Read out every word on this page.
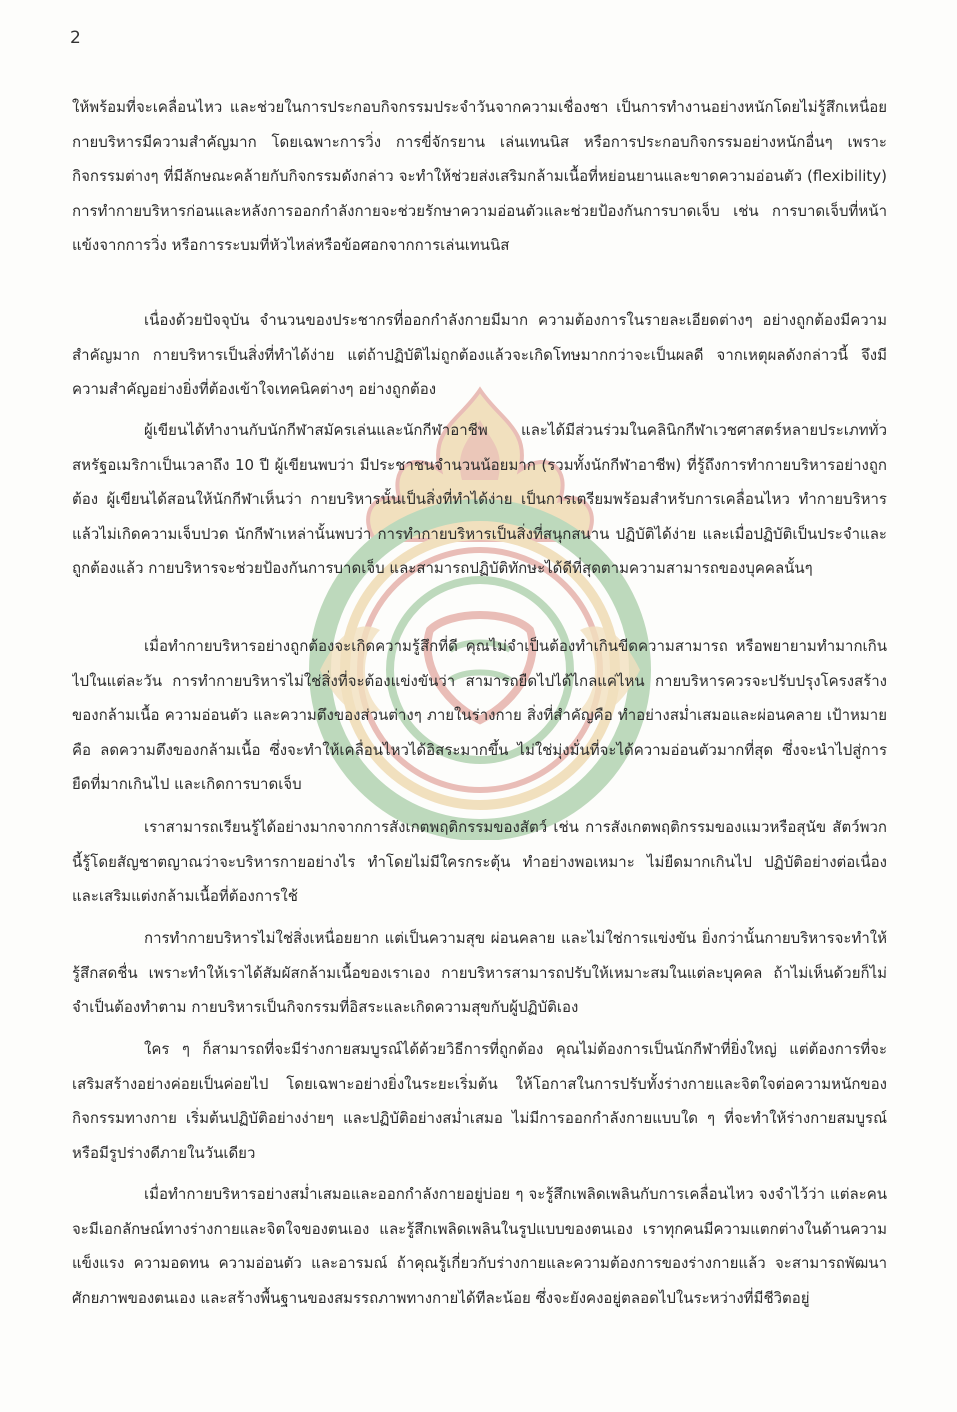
2

ให้พร้อมที่จะเคลื่อนไหว และช่วยในการประกอบกิจกรรมประจำวันจากความเชื่องชา เป็นการทำงานอย่างหนักโดยไม่รู้สึกเหนื่อย กายบริหารมีความสำคัญมาก โดยเฉพาะการวิ่ง การขี่จักรยาน เล่นเทนนิส หรือการประกอบกิจกรรมอย่างหนักอื่นๆ เพราะกิจกรรมต่างๆ ที่มีลักษณะคล้ายกับกิจกรรมดังกล่าว จะทำให้ช่วยส่งเสริมกล้ามเนื้อที่หย่อนยานและขาดความอ่อนตัว (flexibility) การทำกายบริหารก่อนและหลังการออกกำลังกายจะช่วยรักษาความอ่อนตัวและช่วยป้องกันการบาดเจ็บ เช่น การบาดเจ็บที่หน้าแข้งจากการวิ่ง หรือการระบมที่หัวไหล่หรือข้อศอกจากการเล่นเทนนิส

เนื่องด้วยปัจจุบัน จำนวนของประชากรที่ออกกำลังกายมีมาก ความต้องการในรายละเอียดต่างๆ อย่างถูกต้องมีความสำคัญมาก กายบริหารเป็นสิ่งที่ทำได้ง่าย แต่ถ้าปฏิบัติไม่ถูกต้องแล้วจะเกิดโทษมากกว่าจะเป็นผลดี จากเหตุผลดังกล่าวนี้ จึงมีความสำคัญอย่างยิ่งที่ต้องเข้าใจเทคนิคต่างๆ อย่างถูกต้อง

ผู้เขียนได้ทำงานกับนักกีฬาสมัครเล่นและนักกีฬาอาชีพ และได้มีส่วนร่วมในคลินิกกีฬาเวชศาสตร์หลายประเภททั่วสหรัฐอเมริกาเป็นเวลาถึง 10 ปี ผู้เขียนพบว่า มีประชาชนจำนวนน้อยมาก (รวมทั้งนักกีฬาอาชีพ) ที่รู้ถึงการทำกายบริหารอย่างถูกต้อง ผู้เขียนได้สอนให้นักกีฬาเห็นว่า กายบริหารนั้นเป็นสิ่งที่ทำได้ง่าย เป็นการเตรียมพร้อมสำหรับการเคลื่อนไหว ทำกายบริหารแล้วไม่เกิดความเจ็บปวด นักกีฬาเหล่านั้นพบว่า การทำกายบริหารเป็นสิ่งที่สนุกสนาน ปฏิบัติได้ง่าย และเมื่อปฏิบัติเป็นประจำและถูกต้องแล้ว กายบริหารจะช่วยป้องกันการบาดเจ็บ และสามารถปฏิบัติทักษะได้ดีที่สุดตามความสามารถของบุคคลนั้นๆ

เมื่อทำกายบริหารอย่างถูกต้องจะเกิดความรู้สึกที่ดี คุณไม่จำเป็นต้องทำเกินขีดความสามารถ หรือพยายามทำมากเกินไปในแต่ละวัน การทำกายบริหารไม่ใช่สิ่งที่จะต้องแข่งขันว่า สามารถยืดไปได้ไกลแค่ไหน กายบริหารควรจะปรับปรุงโครงสร้างของกล้ามเนื้อ ความอ่อนตัว และความตึงของส่วนต่างๆ ภายในร่างกาย สิ่งที่สำคัญคือ ทำอย่างสม่ำเสมอและผ่อนคลาย เป้าหมายคือ ลดความตึงของกล้ามเนื้อ ซึ่งจะทำให้เคลื่อนไหวได้อิสระมากขึ้น ไม่ใช่มุ่งมั่นที่จะได้ความอ่อนตัวมากที่สุด ซึ่งจะนำไปสู่การยืดที่มากเกินไป และเกิดการบาดเจ็บ

เราสามารถเรียนรู้ได้อย่างมากจากการสังเกตพฤติกรรมของสัตว์ เช่น การสังเกตพฤติกรรมของแมวหรือสุนัข สัตว์พวกนี้รู้โดยสัญชาตญาณว่าจะบริหารกายอย่างไร ทำโดยไม่มีใครกระตุ้น ทำอย่างพอเหมาะ ไม่ยืดมากเกินไป ปฏิบัติอย่างต่อเนื่อง และเสริมแต่งกล้ามเนื้อที่ต้องการใช้

การทำกายบริหารไม่ใช่สิ่งเหนื่อยยาก แต่เป็นความสุข ผ่อนคลาย และไม่ใช่การแข่งขัน ยิ่งกว่านั้นกายบริหารจะทำให้รู้สึกสดชื่น เพราะทำให้เราได้สัมผัสกล้ามเนื้อของเราเอง กายบริหารสามารถปรับให้เหมาะสมในแต่ละบุคคล ถ้าไม่เห็นด้วยก็ไม่จำเป็นต้องทำตาม กายบริหารเป็นกิจกรรมที่อิสระและเกิดความสุขกับผู้ปฏิบัติเอง

ใคร ๆ ก็สามารถที่จะมีร่างกายสมบูรณ์ได้ด้วยวิธีการที่ถูกต้อง คุณไม่ต้องการเป็นนักกีฬาที่ยิ่งใหญ่ แต่ต้องการที่จะเสริมสร้างอย่างค่อยเป็นค่อยไป โดยเฉพาะอย่างยิ่งในระยะเริ่มต้น ให้โอกาสในการปรับทั้งร่างกายและจิตใจต่อความหนักของกิจกรรมทางกาย เริ่มต้นปฏิบัติอย่างง่ายๆ และปฏิบัติอย่างสม่ำเสมอ ไม่มีการออกกำลังกายแบบใด ๆ ที่จะทำให้ร่างกายสมบูรณ์หรือมีรูปร่างดีภายในวันเดียว

เมื่อทำกายบริหารอย่างสม่ำเสมอและออกกำลังกายอยู่บ่อย ๆ จะรู้สึกเพลิดเพลินกับการเคลื่อนไหว จงจำไว้ว่า แต่ละคนจะมีเอกลักษณ์ทางร่างกายและจิตใจของตนเอง และรู้สึกเพลิดเพลินในรูปแบบของตนเอง เราทุกคนมีความแตกต่างในด้านความแข็งแรง ความอดทน ความอ่อนตัว และอารมณ์ ถ้าคุณรู้เกี่ยวกับร่างกายและความต้องการของร่างกายแล้ว จะสามารถพัฒนาศักยภาพของตนเอง และสร้างพื้นฐานของสมรรถภาพทางกายได้ทีละน้อย ซึ่งจะยังคงอยู่ตลอดไปในระหว่างที่มีชีวิตอยู่
